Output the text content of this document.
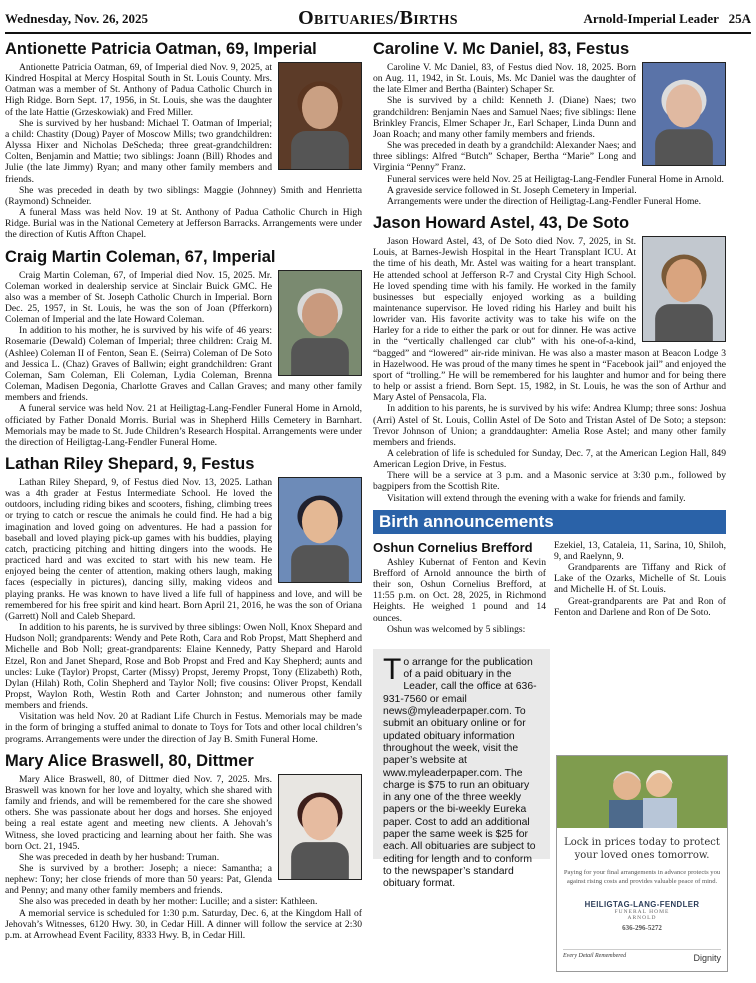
Wednesday, Nov. 26, 2025	Obituaries/Births	Arnold-Imperial Leader 25A
Antionette Patricia Oatman, 69, Imperial

Antionette Patricia Oatman, 69, of Imperial died Nov. 9, 2025, at Kindred Hospital at Mercy Hospital South in St. Louis County. Mrs. Oatman was a member of St. Anthony of Padua Catholic Church in High Ridge. Born Sept. 17, 1956, in St. Louis, she was the daughter of the late Hattie (Grzeskowiak) and Fred Miller.

She is survived by her husband: Michael T. Oatman of Imperial; a child: Chastity (Doug) Payer of Moscow Mills; two grandchildren: Alyssa Hixer and Nicholas DeScheda; three great-grandchildren: Colten, Benjamin and Mattie; two siblings: Joann (Bill) Rhodes and Julie (the late Jimmy) Ryan; and many other family members and friends.

She was preceded in death by two siblings: Maggie (Johnney) Smith and Henrietta (Raymond) Schneider.

A funeral Mass was held Nov. 19 at St. Anthony of Padua Catholic Church in High Ridge. Burial was in the National Cemetery at Jefferson Barracks. Arrangements were under the direction of Kutis Affton Chapel.

Craig Martin Coleman, 67, Imperial

Craig Martin Coleman, 67, of Imperial died Nov. 15, 2025. Mr. Coleman worked in dealership service at Sinclair Buick GMC. He also was a member of St. Joseph Catholic Church in Imperial. Born Dec. 25, 1957, in St. Louis, he was the son of Joan (Pfferkorn) Coleman of Imperial and the late Howard Coleman.

In addition to his mother, he is survived by his wife of 46 years: Rosemarie (Dewald) Coleman of Imperial; three children: Craig M. (Ashlee) Coleman II of Fenton, Sean E. (Seirra) Coleman of De Soto and Jessica L. (Chaz) Graves of Ballwin; eight grandchildren: Grant Coleman, Sam Coleman, Eli Coleman, Lydia Coleman, Brenna Coleman, Madisen Degonia, Charlotte Graves and Callan Graves; and many other family members and friends.

A funeral service was held Nov. 21 at Heiligtag-Lang-Fendler Funeral Home in Arnold, officiated by Father Donald Morris. Burial was in Shepherd Hills Cemetery in Barnhart. Memorials may be made to St. Jude Children’s Research Hospital. Arrangements were under the direction of Heiligtag-Lang-Fendler Funeral Home.

Lathan Riley Shepard, 9, Festus

Lathan Riley Shepard, 9, of Festus died Nov. 13, 2025. Lathan was a 4th grader at Festus Intermediate School. He loved the outdoors, including riding bikes and scooters, fishing, climbing trees or trying to catch or rescue the animals he could find. He had a big imagination and loved going on adventures. He had a passion for baseball and loved playing pick-up games with his buddies, playing catch, practicing pitching and hitting dingers into the woods. He practiced hard and was excited to start with his new team. He enjoyed being the center of attention, making others laugh, making faces (especially in pictures), dancing silly, making videos and playing pranks. He was known to have lived a life full of happiness and love, and will be remembered for his free spirit and kind heart. Born April 21, 2016, he was the son of Oriana (Garrett) Noll and Caleb Shepard.

In addition to his parents, he is survived by three siblings: Owen Noll, Knox Shepard and Hudson Noll; grandparents: Wendy and Pete Roth, Cara and Rob Propst, Matt Shepherd and Michelle and Bob Noll; great-grandparents: Elaine Kennedy, Patty Shepard and Harold Etzel, Ron and Janet Shepard, Rose and Bob Propst and Fred and Kay Shepherd; aunts and uncles: Luke (Taylor) Propst, Carter (Missy) Propst, Jeremy Propst, Tony (Elizabeth) Roth, Dylan (Hilah) Roth, Colin Shepherd and Taylor Noll; five cousins: Oliver Propst, Kendall Propst, Waylon Roth, Westin Roth and Carter Johnston; and numerous other family members and friends.

Visitation was held Nov. 20 at Radiant Life Church in Festus. Memorials may be made in the form of bringing a stuffed animal to donate to Toys for Tots and other local children’s programs. Arrangements were under the direction of Jay B. Smith Funeral Home.

Mary Alice Braswell, 80, Dittmer

Mary Alice Braswell, 80, of Dittmer died Nov. 7, 2025. Mrs. Braswell was known for her love and loyalty, which she shared with family and friends, and will be remembered for the care she showed others. She was passionate about her dogs and horses. She enjoyed being a real estate agent and meeting new clients. A Jehovah’s Witness, she loved practicing and learning about her faith. She was born Oct. 21, 1945.

She was preceded in death by her husband: Truman.

She is survived by a brother: Joseph; a niece: Samantha; a nephew: Tony; her close friends of more than 50 years: Pat, Glenda and Penny; and many other family members and friends.

She also was preceded in death by her mother: Lucille; and a sister: Kathleen.

A memorial service is scheduled for 1:30 p.m. Saturday, Dec. 6, at the Kingdom Hall of Jehovah’s Witnesses, 6120 Hwy. 30, in Cedar Hill. A dinner will follow the service at 2:30 p.m. at Arrowhead Event Facility, 8333 Hwy. B, in Cedar Hill.

Caroline V. Mc Daniel, 83, Festus

Caroline V. Mc Daniel, 83, of Festus died Nov. 18, 2025. Born on Aug. 11, 1942, in St. Louis, Ms. Mc Daniel was the daughter of the late Elmer and Bertha (Bainter) Schaper Sr.

She is survived by a child: Kenneth J. (Diane) Naes; two grandchildren: Benjamin Naes and Samuel Naes; five siblings: Ilene Brinkley Francis, Elmer Schaper Jr., Earl Schaper, Linda Dunn and Joan Roach; and many other family members and friends.

She was preceded in death by a grandchild: Alexander Naes; and three siblings: Alfred “Butch” Schaper, Bertha “Marie” Long and Virginia “Penny” Franz.

Funeral services were held Nov. 25 at Heiligtag-Lang-Fendler Funeral Home in Arnold.

A graveside service followed in St. Joseph Cemetery in Imperial.

Arrangements were under the direction of Heiligtag-Lang-Fendler Funeral Home.

Jason Howard Astel, 43, De Soto

Jason Howard Astel, 43, of De Soto died Nov. 7, 2025, in St. Louis, at Barnes-Jewish Hospital in the Heart Transplant ICU. At the time of his death, Mr. Astel was waiting for a heart transplant. He attended school at Jefferson R-7 and Crystal City High School. He loved spending time with his family. He worked in the family businesses but especially enjoyed working as a building maintenance supervisor. He loved riding his Harley and built his lowrider van. His favorite activity was to take his wife on the Harley for a ride to either the park or out for dinner. He was active in the “vertically challenged car club” with his one-of-a-kind, “bagged” and “lowered” air-ride minivan. He was also a master mason at Beacon Lodge 3 in Hazelwood. He was proud of the many times he spent in “Facebook jail” and enjoyed the sport of “trolling.” He will be remembered for his laughter and humor and for being there to help or assist a friend. Born Sept. 15, 1982, in St. Louis, he was the son of Arthur and Mary Astel of Pensacola, Fla.

In addition to his parents, he is survived by his wife: Andrea Klump; three sons: Joshua (Arri) Astel of St. Louis, Collin Astel of De Soto and Tristan Astel of De Soto; a stepson: Trevor Johnson of Union; a granddaughter: Amelia Rose Astel; and many other family members and friends.

A celebration of life is scheduled for Sunday, Dec. 7, at the American Legion Hall, 849 American Legion Drive, in Festus.

There will be a service at 3 p.m. and a Masonic service at 3:30 p.m., followed by bagpipers from the Scottish Rite.

Visitation will extend through the evening with a wake for friends and family.

Birth announcements
Oshun Cornelius Brefford

Ashley Kubernat of Fenton and Kevin Brefford of Arnold announce the birth of their son, Oshun Cornelius Brefford, at 11:55 p.m. on Oct. 28, 2025, in Richmond Heights. He weighed 1 pound and 14 ounces.

Oshun was welcomed by 5 siblings:

T o arrange for the publication of a paid obituary in the Leader, call the office at 636-931-7560 or email news@myleaderpaper.com. To submit an obituary online or for updated obituary information throughout the week, visit the paper’s website at www.myleaderpaper.com. The charge is $75 to run an obituary in any one of the three weekly papers or the bi-weekly Eureka paper. Cost to add an additional paper the same week is $25 for each. All obituaries are subject to editing for length and to conform to the newspaper’s standard obituary format.

Ezekiel, 13, Cataleia, 11, Sarina, 10, Shiloh, 9, and Raelynn, 9.

Grandparents are Tiffany and Rick of Lake of the Ozarks, Michelle of St. Louis and Michelle H. of St. Louis.

Great-grandparents are Pat and Ron of Fenton and Darlene and Ron of De Soto.

Lock in prices today to protect your loved ones tomorrow.
Paying for your final arrangements in advance protects you against rising costs and provides valuable peace of mind.
HEILIGTAG-LANG-FENDLER
FUNERAL HOME
ARNOLD
636-296-5272
Every Detail Remembered	Dignity
